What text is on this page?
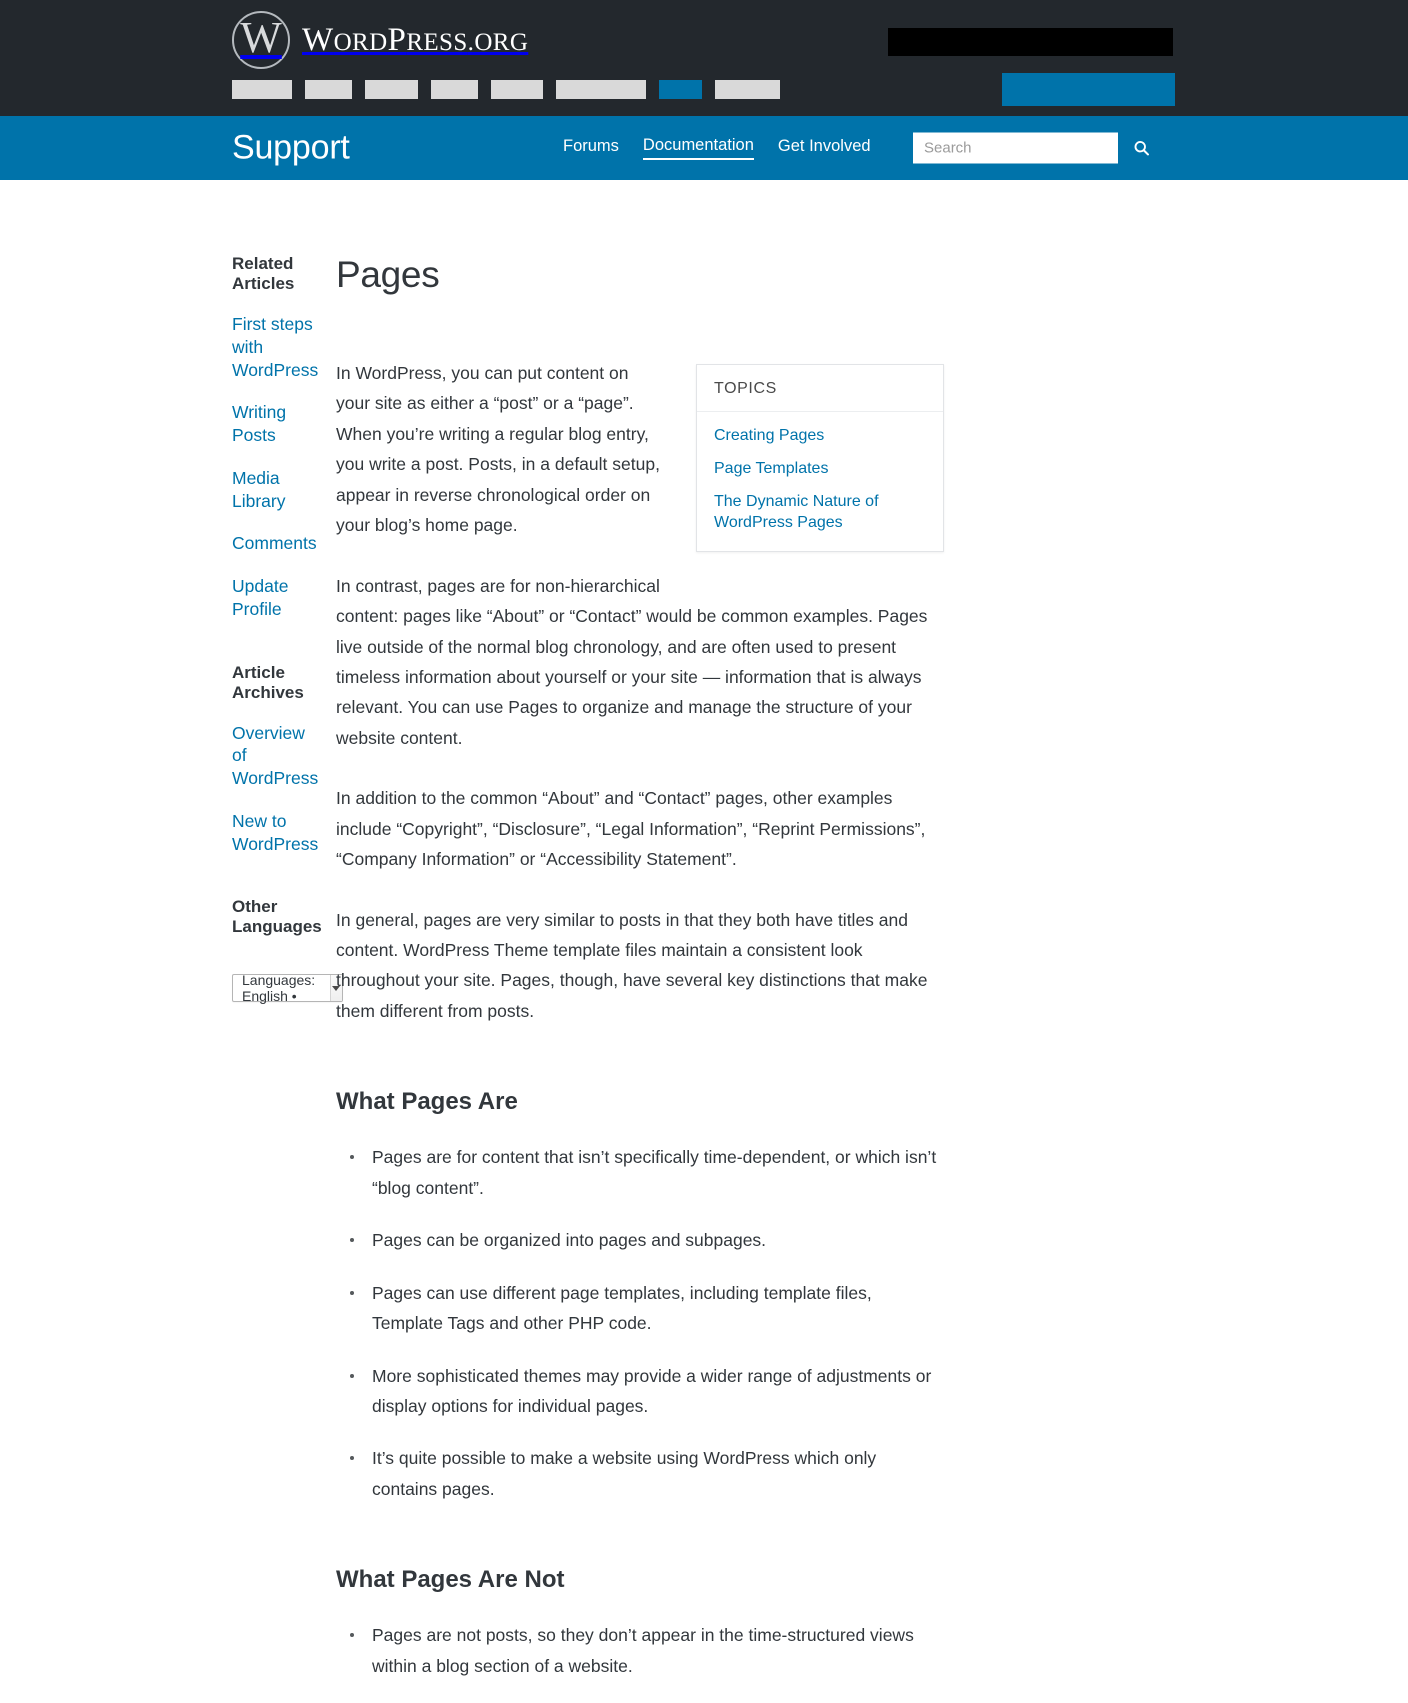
W WORDPRESS.ORG
Support	Forums Documentation Get Involved
Search
Related Articles
First steps with WordPress
Writing Posts
Media Library
Comments
Update Profile
Article Archives
Overview of WordPress
New to WordPress
Other Languages
Languages: English •
Pages
TOPICS
Creating Pages
Page Templates
The Dynamic Nature of WordPress Pages

In WordPress, you can put content on your site as either a “post” or a “page”. When you’re writing a regular blog entry, you write a post. Posts, in a default setup, appear in reverse chronological order on your blog’s home page.

In contrast, pages are for non-hierarchical content: pages like “About” or “Contact” would be common examples. Pages live outside of the normal blog chronology, and are often used to present timeless information about yourself or your site — information that is always relevant. You can use Pages to organize and manage the structure of your website content.

In addition to the common “About” and “Contact” pages, other examples include “Copyright”, “Disclosure”, “Legal Information”, “Reprint Permissions”, “Company Information” or “Accessibility Statement”.

In general, pages are very similar to posts in that they both have titles and content. WordPress Theme template files maintain a consistent look throughout your site. Pages, though, have several key distinctions that make them different from posts.

What Pages Are
Pages are for content that isn’t specifically time-dependent, or which isn’t “blog content”.
Pages can be organized into pages and subpages.
Pages can use different page templates, including template files, Template Tags and other PHP code.
More sophisticated themes may provide a wider range of adjustments or display options for individual pages.
It’s quite possible to make a website using WordPress which only contains pages.
What Pages Are Not
Pages are not posts, so they don’t appear in the time-structured views within a blog section of a website.
